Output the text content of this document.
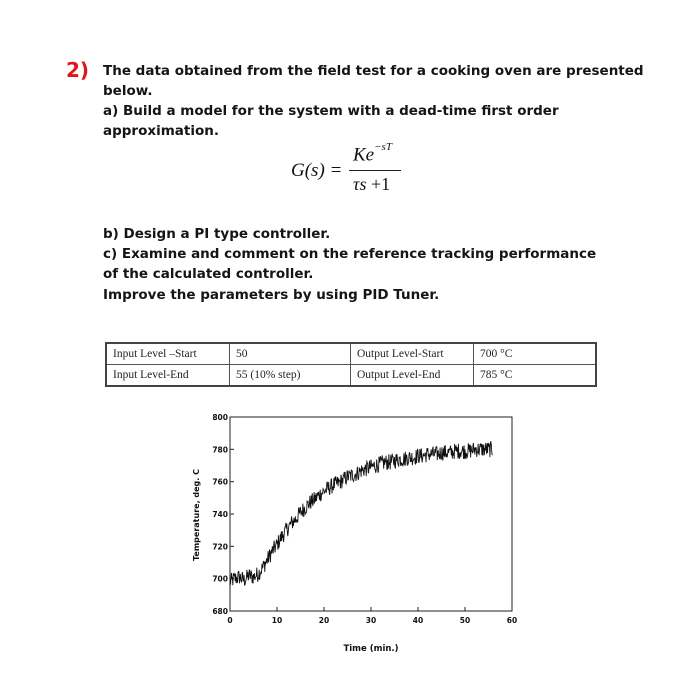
2) The data obtained from the field test for a cooking oven are presented
below.
a) Build a model for the system with a dead-time first order
approximation.
G(s) =
$Ke^{-sT}$
τs +1
b) Design a PI type controller.
c) Examine and comment on the reference tracking performance
of the calculated controller.
Improve the parameters by using PID Tuner.
Input Level –Start	50	Output Level-Start	700 °C
Input Level-End	55 (10% step)	Output Level-End	785 °C
680
700
720
740
760
780
800
0	10	20	30	40	50	60
Temperature, deg. C
Time (min.)
